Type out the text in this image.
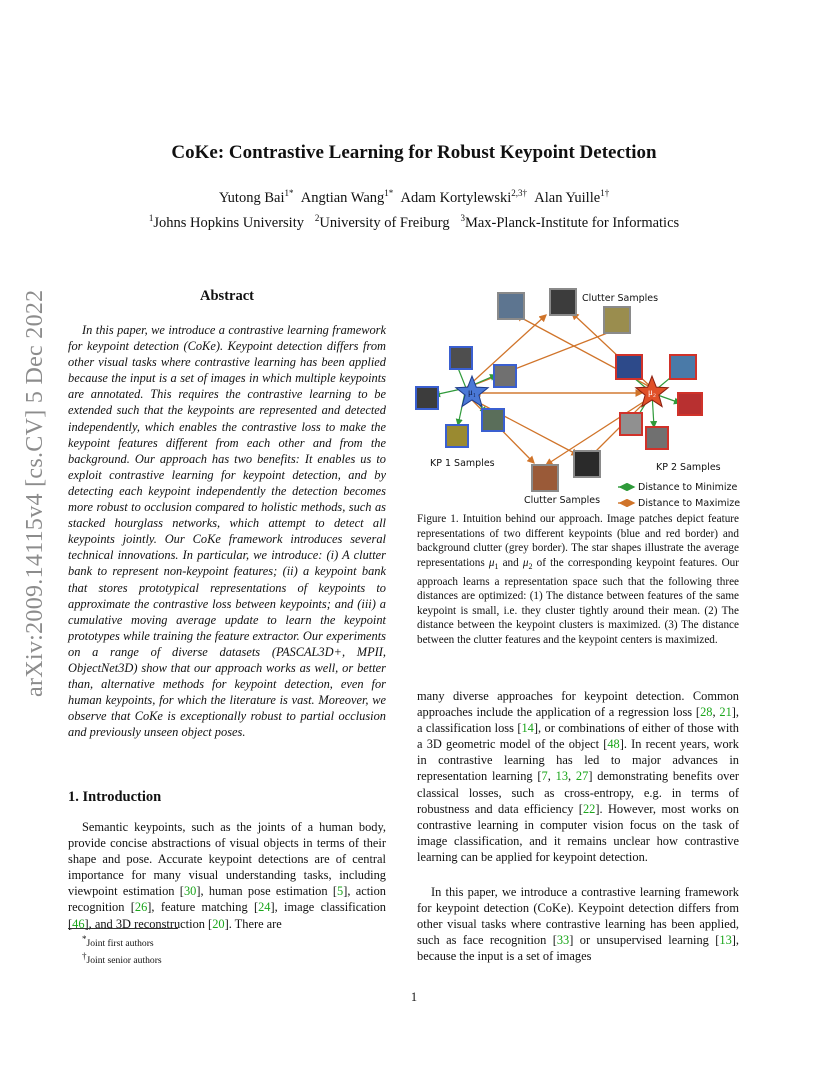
arXiv:2009.14115v4 [cs.CV] 5 Dec 2022
CoKe: Contrastive Learning for Robust Keypoint Detection
Yutong Bai$^{1*}$ Angtian Wang$^{1*}$ Adam Kortylewski$^{2,3\dagger}$ Alan Yuille$^{1\dagger}$
$^1$Johns Hopkins University $^2$University of Freiburg $^3$Max-Planck-Institute for Informatics
Abstract

In this paper, we introduce a contrastive learning framework for keypoint detection (CoKe). Keypoint detection differs from other visual tasks where contrastive learning has been applied because the input is a set of images in which multiple keypoints are annotated. This requires the contrastive learning to be extended such that the keypoints are represented and detected independently, which enables the contrastive loss to make the keypoint features different from each other and from the background. Our approach has two benefits: It enables us to exploit contrastive learning for keypoint detection, and by detecting each keypoint independently the detection becomes more robust to occlusion compared to holistic methods, such as stacked hourglass networks, which attempt to detect all keypoints jointly. Our CoKe framework introduces several technical innovations. In particular, we introduce: (i) A clutter bank to represent non-keypoint features; (ii) a keypoint bank that stores prototypical representations of keypoints to approximate the contrastive loss between keypoints; and (iii) a cumulative moving average update to learn the keypoint prototypes while training the feature extractor. Our experiments on a range of diverse datasets (PASCAL3D+, MPII, ObjectNet3D) show that our approach works as well, or better than, alternative methods for keypoint detection, even for human keypoints, for which the literature is vast. Moreover, we observe that CoKe is exceptionally robust to partial occlusion and previously unseen object poses.

1. Introduction

Semantic keypoints, such as the joints of a human body, provide concise abstractions of visual objects in terms of their shape and pose. Accurate keypoint detections are of central importance for many visual understanding tasks, including viewpoint estimation [30], human pose estimation [5], action recognition [26], feature matching [24], image classification [46], and 3D reconstruction [20]. There are

*Joint first authors
†Joint senior authors
μ₁	μ₂
Clutter Samples
Clutter Samples
KP 1 Samples	KP 2 Samples
Distance to Minimize
Distance to Maximize

Figure 1. Intuition behind our approach. Image patches depict feature representations of two different keypoints (blue and red border) and background clutter (grey border). The star shapes illustrate the average representations $\mu_1$ and $\mu_2$ of the corresponding keypoint features. Our approach learns a representation space such that the following three distances are optimized: (1) The distance between features of the same keypoint is small, i.e. they cluster tightly around their mean. (2) The distance between the keypoint clusters is maximized. (3) The distance between the clutter features and the keypoint centers is maximized.

many diverse approaches for keypoint detection. Common approaches include the application of a regression loss [28, 21], a classification loss [14], or combinations of either of those with a 3D geometric model of the object [48]. In recent years, work in contrastive learning has led to major advances in representation learning [7, 13, 27] demonstrating benefits over classical losses, such as cross-entropy, e.g. in terms of robustness and data efficiency [22]. However, most works on contrastive learning in computer vision focus on the task of image classification, and it remains unclear how contrastive learning can be applied for keypoint detection.

In this paper, we introduce a contrastive learning framework for keypoint detection (CoKe). Keypoint detection differs from other visual tasks where contrastive learning has been applied, such as face recognition [33] or unsupervised learning [13], because the input is a set of images

1
